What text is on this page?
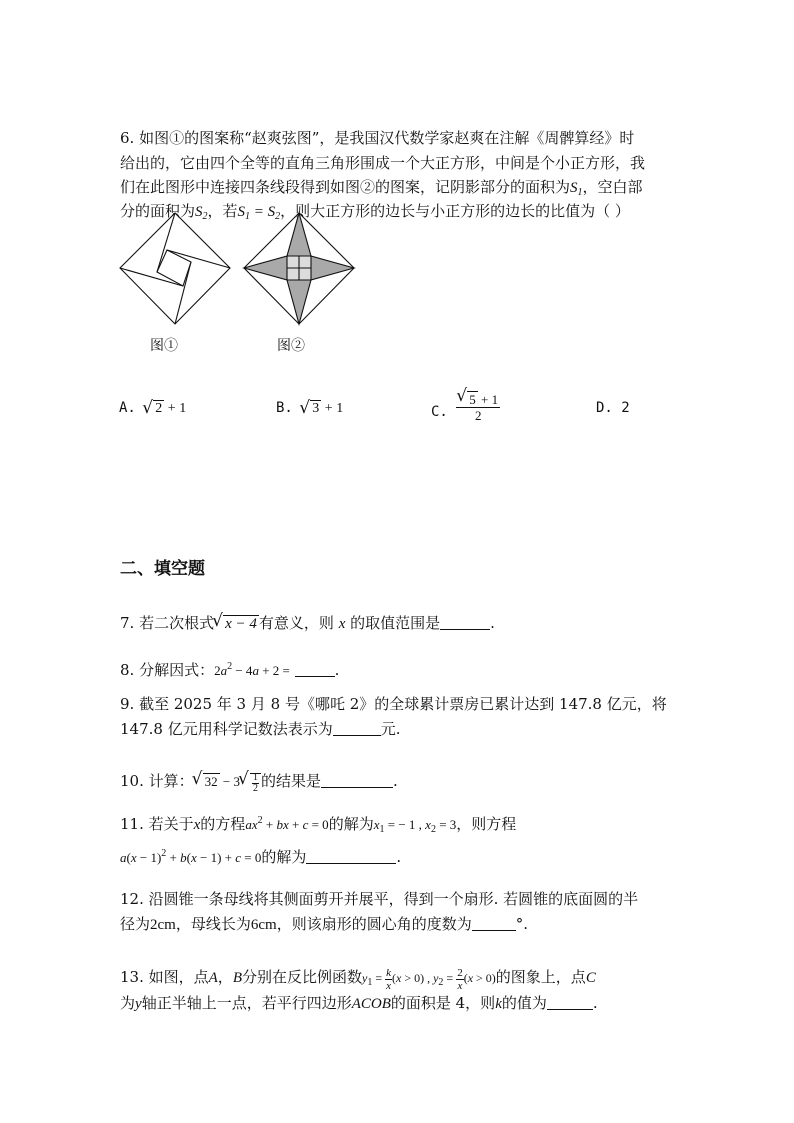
6. 如图①的图案称“赵爽弦图”，是我国汉代数学家赵爽在注解《周髀算经》时
给出的，它由四个全等的直角三角形围成一个大正方形，中间是个小正方形，我
们在此图形中连接四条线段得到如图②的图案，记阴影部分的面积为$S_1$，空白部
分的面积为$S_2$，若$S_1 = S_2$，则大正方形的边长与小正方形的边长的比值为（ ）
图①	图②
A. √ 2 + 1	B. √ 3 + 1	C. √ $\frac{5 + 1}{2}$	D. 2
二、填空题
7. 若二次根式 √ x − 4 有意义，则 x 的取值范围是	.
8. 分解因式：$2a^2 - 4a + 2$ =	.
9. 截至 2025 年 3 月 8 号《哪吒 2》的全球累计票房已累计达到 147.8 亿元，将
147.8 亿元用科学记数法表示为	元.
10. 计算： √ 32 − 3 √ $\frac{1}{2}$ 的结果是	.
11. 若关于x的方程$ax^2$ + bx + c = 0的解为$x_1$ = − 1 , $x_2 = 3$，则方程
$a(x - 1)^2 + b(x - 1) + c = 0$的解为	.
12. 沿圆锥一条母线将其侧面剪开并展平，得到一个扇形. 若圆锥的底面圆的半
径为2cm，母线长为6cm，则该扇形的圆心角的度数为	°.
13. 如图，点A，B分别在反比例函数$y_1 = \frac{k}{x} (x > 0)$ , $y_2 = \frac{2}{x} (x > 0)$的图象上，点C
为y轴正半轴上一点，若平行四边形ACOB的面积是 4，则k的值为	.
